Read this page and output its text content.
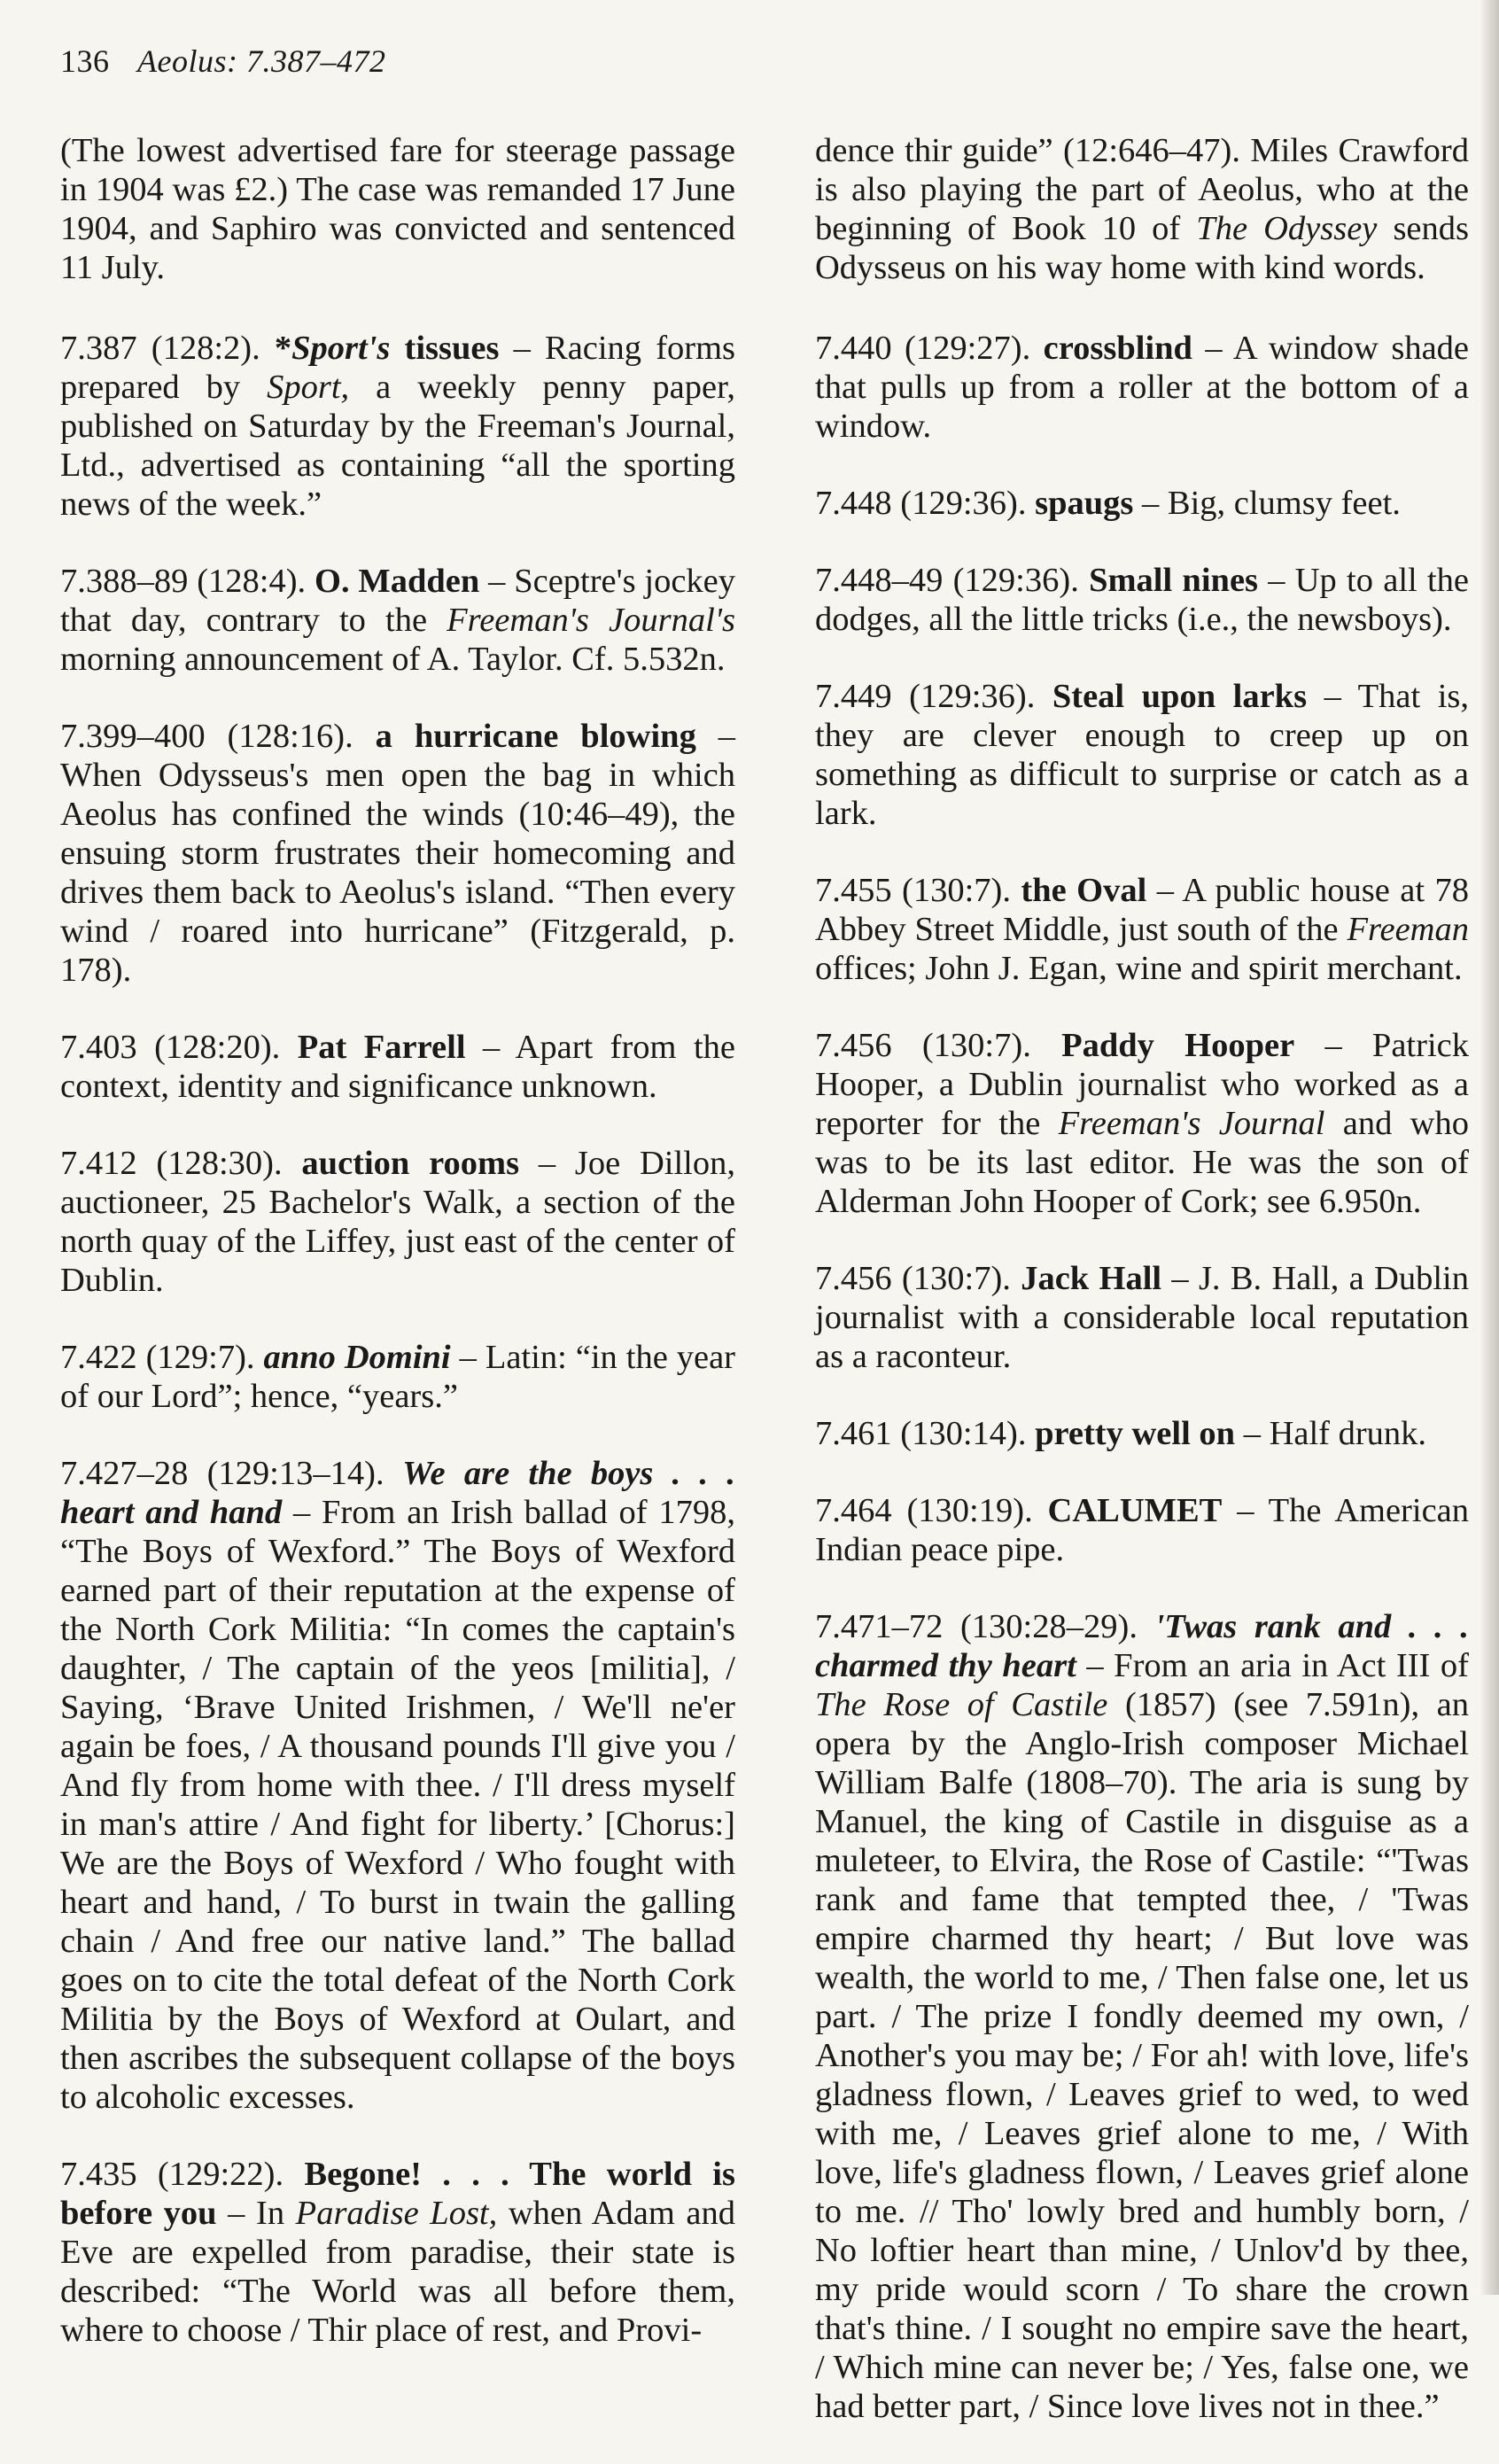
136 Aeolus: 7.387–472

(The lowest advertised fare for steerage passage in 1904 was £2.) The case was remanded 17 June 1904, and Saphiro was convicted and sentenced 11 July.

7.387 (128:2). *Sport's tissues – Racing forms prepared by Sport, a weekly penny paper, published on Saturday by the Freeman's Journal, Ltd., advertised as containing “all the sporting news of the week.”

7.388–89 (128:4). O. Madden – Sceptre's jockey that day, contrary to the Freeman's Journal's morning announcement of A. Taylor. Cf. 5.532n.

7.399–400 (128:16). a hurricane blowing – When Odysseus's men open the bag in which Aeolus has confined the winds (10:46–49), the ensuing storm frustrates their homecoming and drives them back to Aeolus's island. “Then every wind / roared into hurricane” (Fitzgerald, p. 178).

7.403 (128:20). Pat Farrell – Apart from the context, identity and significance unknown.

7.412 (128:30). auction rooms – Joe Dillon, auctioneer, 25 Bachelor's Walk, a section of the north quay of the Liffey, just east of the center of Dublin.

7.422 (129:7). anno Domini – Latin: “in the year of our Lord”; hence, “years.”

7.427–28 (129:13–14). We are the boys . . . heart and hand – From an Irish ballad of 1798, “The Boys of Wexford.” The Boys of Wexford earned part of their reputation at the expense of the North Cork Militia: “In comes the captain's daughter, / The captain of the yeos [militia], / Saying, ‘Brave United Irishmen, / We'll ne'er again be foes, / A thousand pounds I'll give you / And fly from home with thee. / I'll dress myself in man's attire / And fight for liberty.’ [Chorus:] We are the Boys of Wexford / Who fought with heart and hand, / To burst in twain the galling chain / And free our native land.” The ballad goes on to cite the total defeat of the North Cork Militia by the Boys of Wexford at Oulart, and then ascribes the subsequent collapse of the boys to alcoholic excesses.

7.435 (129:22). Begone! . . . The world is before you – In Paradise Lost, when Adam and Eve are expelled from paradise, their state is described: “The World was all before them, where to choose / Thir place of rest, and Provi-

dence thir guide” (12:646–47). Miles Crawford is also playing the part of Aeolus, who at the beginning of Book 10 of The Odyssey sends Odysseus on his way home with kind words.

7.440 (129:27). crossblind – A window shade that pulls up from a roller at the bottom of a window.

7.448 (129:36). spaugs – Big, clumsy feet.

7.448–49 (129:36). Small nines – Up to all the dodges, all the little tricks (i.e., the newsboys).

7.449 (129:36). Steal upon larks – That is, they are clever enough to creep up on something as difficult to surprise or catch as a lark.

7.455 (130:7). the Oval – A public house at 78 Abbey Street Middle, just south of the Freeman offices; John J. Egan, wine and spirit merchant.

7.456 (130:7). Paddy Hooper – Patrick Hooper, a Dublin journalist who worked as a reporter for the Freeman's Journal and who was to be its last editor. He was the son of Alderman John Hooper of Cork; see 6.950n.

7.456 (130:7). Jack Hall – J. B. Hall, a Dublin journalist with a considerable local reputation as a raconteur.

7.461 (130:14). pretty well on – Half drunk.

7.464 (130:19). CALUMET – The American Indian peace pipe.

7.471–72 (130:28–29). 'Twas rank and . . . charmed thy heart – From an aria in Act III of The Rose of Castile (1857) (see 7.591n), an opera by the Anglo-Irish composer Michael William Balfe (1808–70). The aria is sung by Manuel, the king of Castile in disguise as a muleteer, to Elvira, the Rose of Castile: “'Twas rank and fame that tempted thee, / 'Twas empire charmed thy heart; / But love was wealth, the world to me, / Then false one, let us part. / The prize I fondly deemed my own, / Another's you may be; / For ah! with love, life's gladness flown, / Leaves grief to wed, to wed with me, / Leaves grief alone to me, / With love, life's gladness flown, / Leaves grief alone to me. // Tho' lowly bred and humbly born, / No loftier heart than mine, / Unlov'd by thee, my pride would scorn / To share the crown that's thine. / I sought no empire save the heart, / Which mine can never be; / Yes, false one, we had better part, / Since love lives not in thee.”
